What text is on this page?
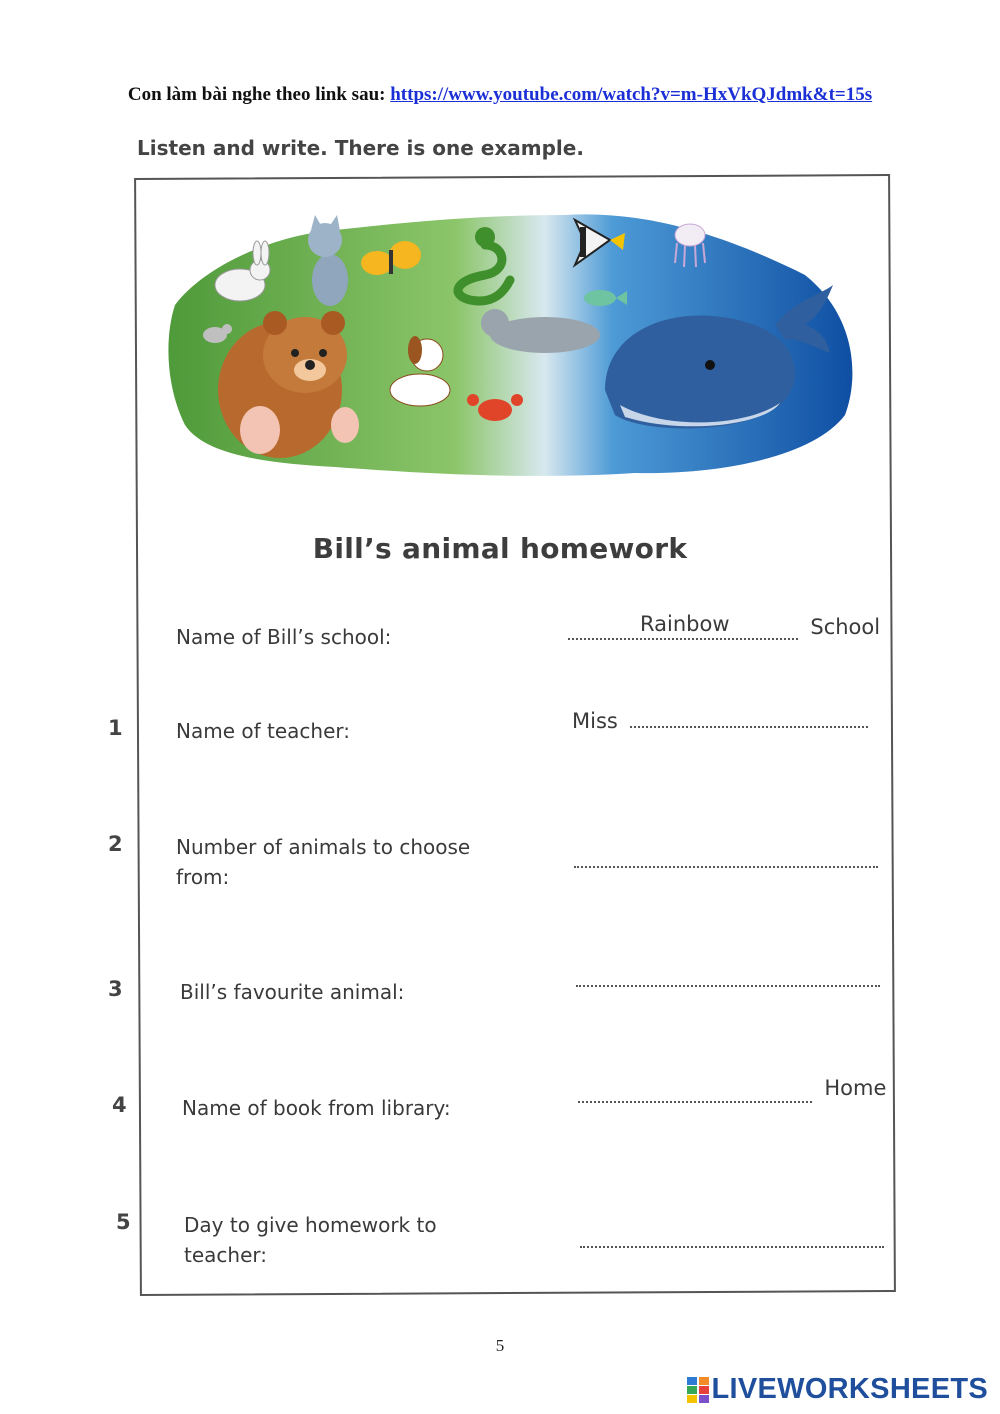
Con làm bài nghe theo link sau: https://www.youtube.com/watch?v=m-HxVkQJdmk&t=15s
Listen and write. There is one example.
Bill’s animal homework
Name of Bill’s school:
Rainbow	School
1	Name of teacher:	Miss
2	Number of animals to choose from:
3	Bill’s favourite animal:
4	Name of book from library:
Home
5	Day to give homework to teacher:
5
LIVEWORKSHEETS
